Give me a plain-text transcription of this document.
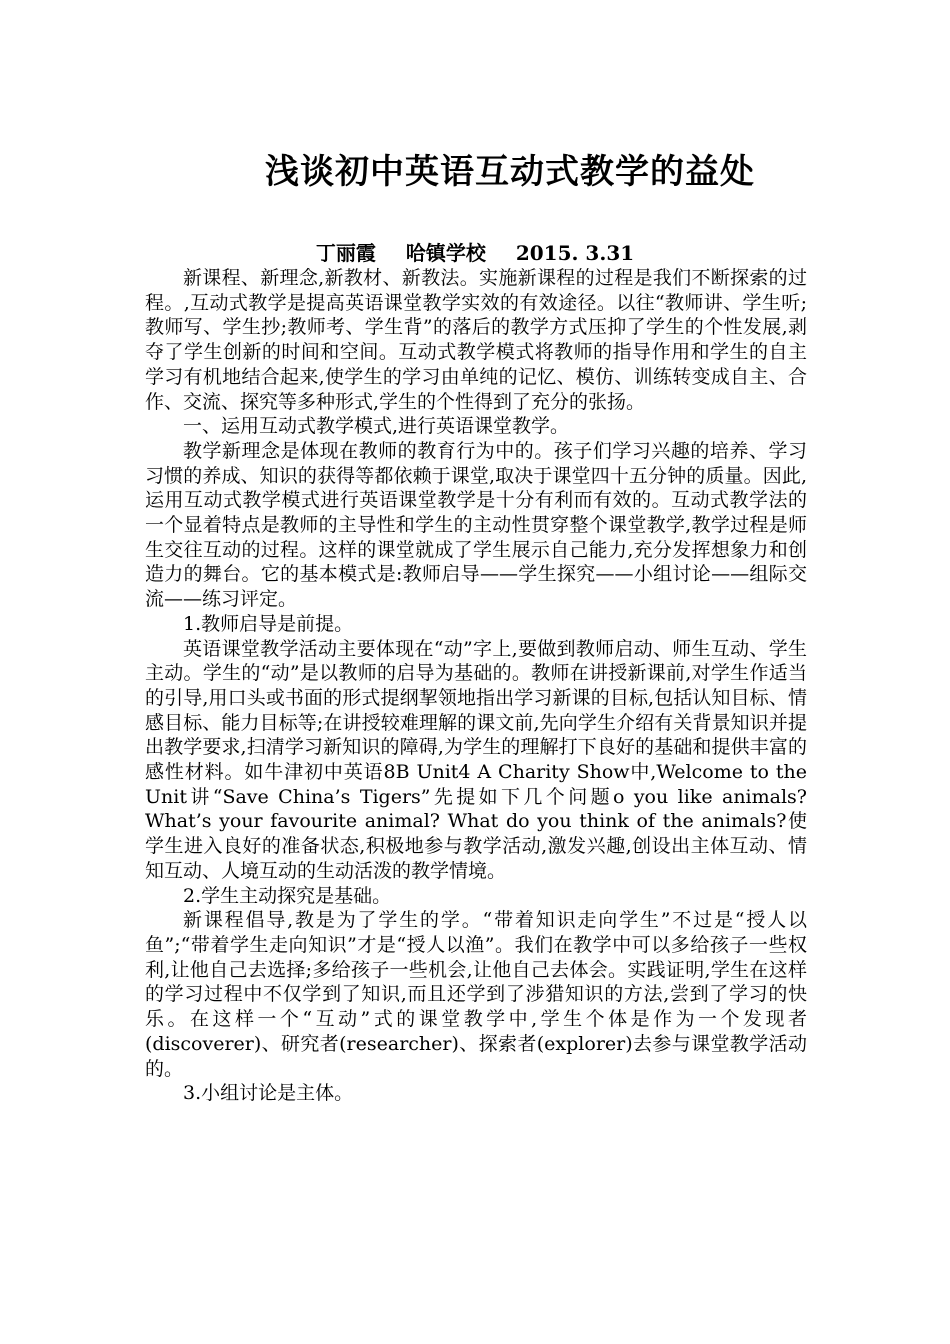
浅谈初中英语互动式教学的益处
丁丽霞 哈镇学校 2015. 3.31

新课程、新理念,新教材、新教法。实施新课程的过程是我们不断探索的过程。,互动式教学是提高英语课堂教学实效的有效途径。以往“教师讲、学生听;教师写、学生抄;教师考、学生背”的落后的教学方式压抑了学生的个性发展,剥夺了学生创新的时间和空间。互动式教学模式将教师的指导作用和学生的自主学习有机地结合起来,使学生的学习由单纯的记忆、模仿、训练转变成自主、合作、交流、探究等多种形式,学生的个性得到了充分的张扬。

一、运用互动式教学模式,进行英语课堂教学。

教学新理念是体现在教师的教育行为中的。孩子们学习兴趣的培养、学习习惯的养成、知识的获得等都依赖于课堂,取决于课堂四十五分钟的质量。因此,运用互动式教学模式进行英语课堂教学是十分有利而有效的。互动式教学法的一个显着特点是教师的主导性和学生的主动性贯穿整个课堂教学,教学过程是师生交往互动的过程。这样的课堂就成了学生展示自己能力,充分发挥想象力和创造力的舞台。它的基本模式是:教师启导——学生探究——小组讨论——组际交流——练习评定。

1.教师启导是前提。

英语课堂教学活动主要体现在“动”字上,要做到教师启动、师生互动、学生主动。学生的“动”是以教师的启导为基础的。教师在讲授新课前,对学生作适当的引导,用口头或书面的形式提纲挈领地指出学习新课的目标,包括认知目标、情感目标、能力目标等;在讲授较难理解的课文前,先向学生介绍有关背景知识并提出教学要求,扫清学习新知识的障碍,为学生的理解打下良好的基础和提供丰富的感性材料。如牛津初中英语8B Unit4 A Charity Show中,Welcome to the Unit讲“Save China’s Tigers”先提如下几个问题o you like animals? What’s your favourite animal? What do you think of the animals?使学生进入良好的准备状态,积极地参与教学活动,激发兴趣,创设出主体互动、情知互动、人境互动的生动活泼的教学情境。

2.学生主动探究是基础。

新课程倡导,教是为了学生的学。“带着知识走向学生”不过是“授人以鱼”;“带着学生走向知识”才是“授人以渔”。我们在教学中可以多给孩子一些权利,让他自己去选择;多给孩子一些机会,让他自己去体会。实践证明,学生在这样的学习过程中不仅学到了知识,而且还学到了涉猎知识的方法,尝到了学习的快乐。在这样一个“互动”式的课堂教学中,学生个体是作为一个发现者(discoverer)、研究者(researcher)、探索者(explorer)去参与课堂教学活动的。

3.小组讨论是主体。
